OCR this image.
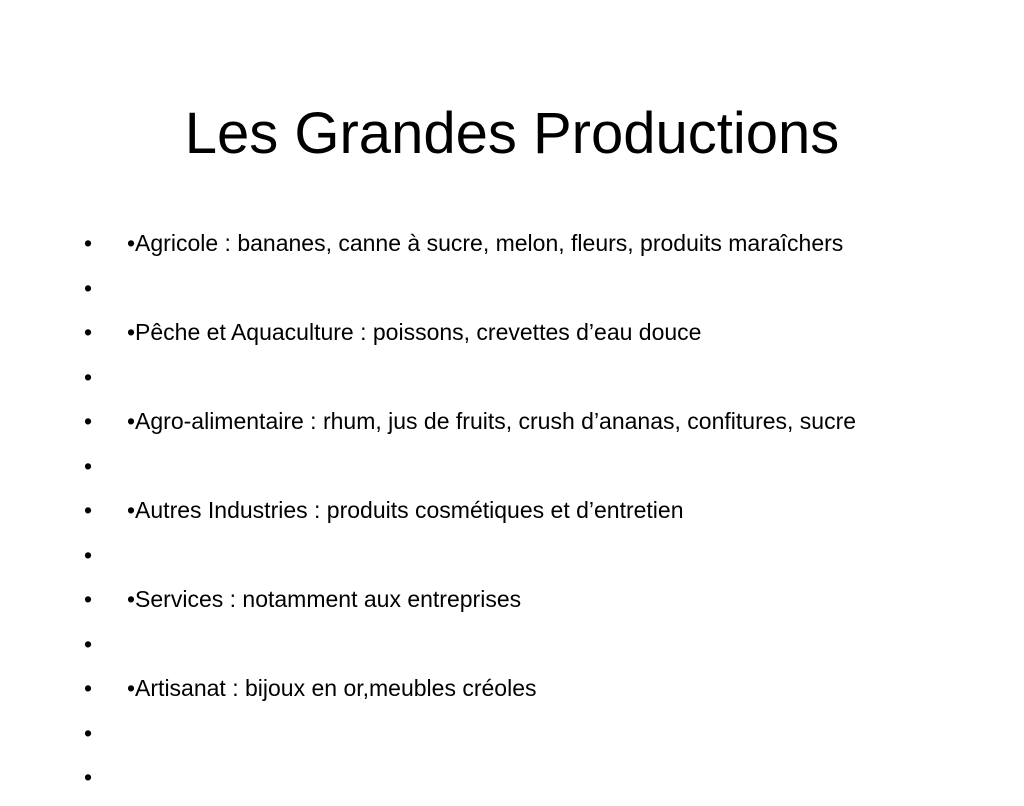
Les Grandes Productions
•	•Agricole : bananes, canne à sucre, melon, fleurs, produits maraîchers
•
•	•Pêche et Aquaculture : poissons, crevettes d’eau douce
•
•	•Agro-alimentaire : rhum, jus de fruits, crush d’ananas, confitures, sucre
•
•	•Autres Industries : produits cosmétiques et d’entretien
•
•	•Services : notamment aux entreprises
•
•	•Artisanat : bijoux en or,meubles créoles
•
•
